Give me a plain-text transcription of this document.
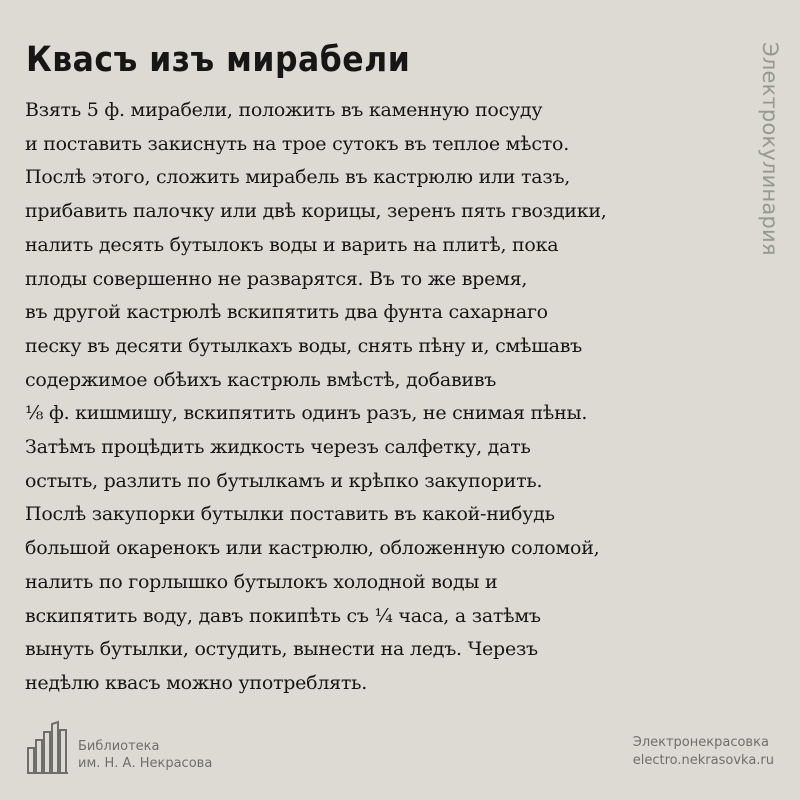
Квасъ изъ мирабели
Взять 5 ф. мирабели, положить въ каменную посуду
и поставить закиснуть на трое сутокъ въ теплое мѣсто.
Послѣ этого, сложить мирабель въ кастрюлю или тазъ,
прибавить палочку или двѣ корицы, зеренъ пять гвоздики,
налить десять бутылокъ воды и варить на плитѣ, пока
плоды совершенно не разварятся. Въ то же время,
въ другой кастрюлѣ вскипятить два фунта сахарнаго
песку въ десяти бутылкахъ воды, снять пѣну и, смѣшавъ
содержимое обѣихъ кастрюль вмѣстѣ, добавивъ
⅛ ф. кишмишу, вскипятить одинъ разъ, не снимая пѣны.
Затѣмъ процѣдить жидкость черезъ салфетку, дать
остыть, разлить по бутылкамъ и крѣпко закупорить.
Послѣ закупорки бутылки поставить въ какой-нибудь
большой окаренокъ или кастрюлю, обложенную соломой,
налить по горлышко бутылокъ холодной воды и
вскипятить воду, давъ покипѣть съ ¼ часа, а затѣмъ
вынуть бутылки, остудить, вынести на ледъ. Черезъ
недѣлю квасъ можно употреблять.
Электрокулинария
Библиотека
им. Н. А. Некрасова
Электронекрасовка
electro.nekrasovka.ru
